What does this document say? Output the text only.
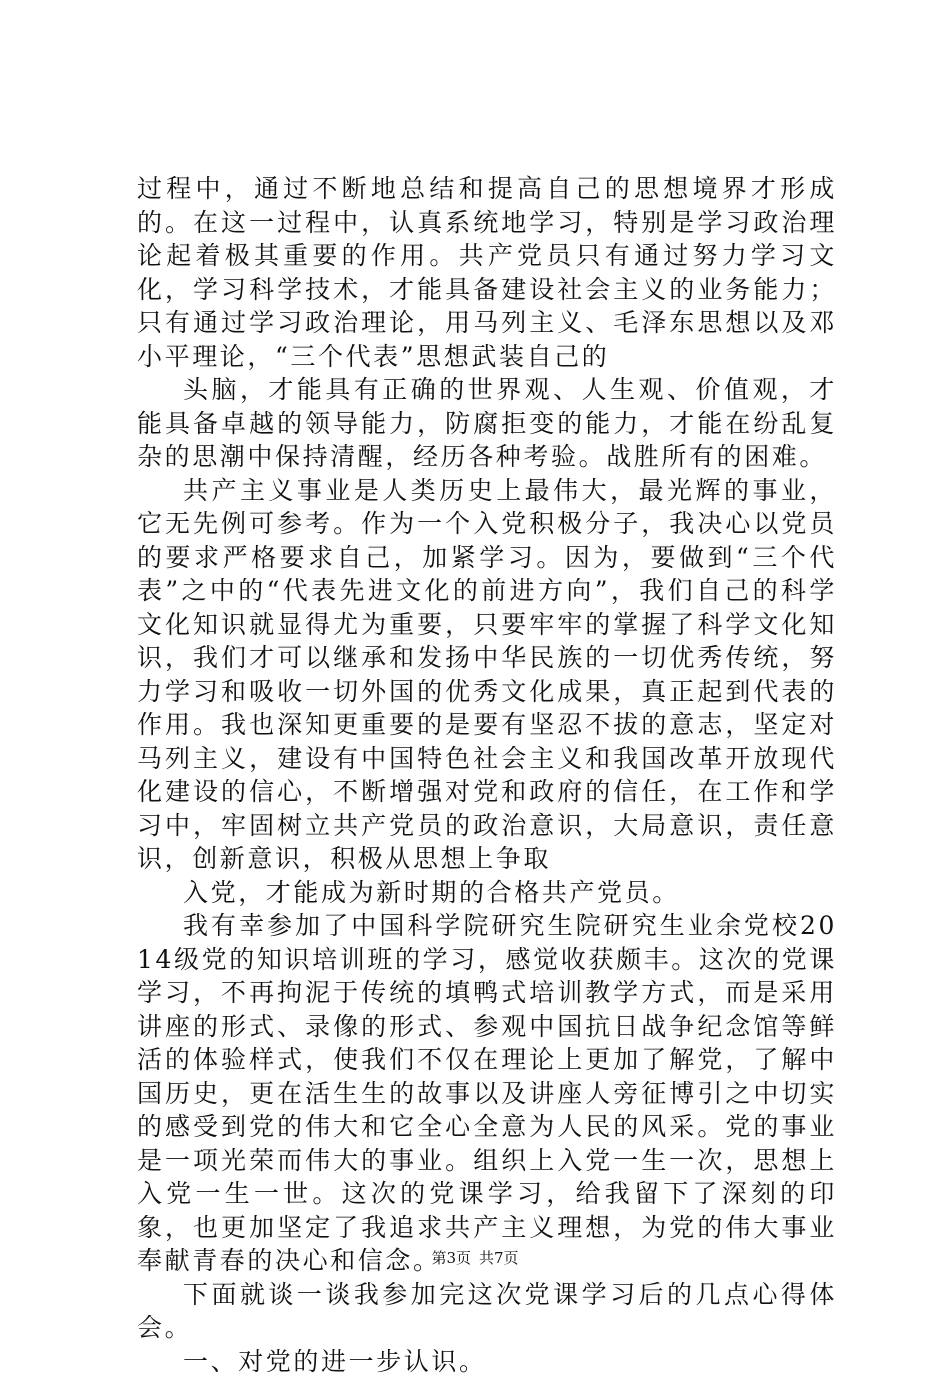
过程中，通过不断地总结和提高自己的思想境界才形成的。在这一过程中，认真系统地学习，特别是学习政治理论起着极其重要的作用。共产党员只有通过努力学习文化，学习科学技术，才能具备建设社会主义的业务能力；只有通过学习政治理论，用马列主义、毛泽东思想以及邓小平理论，“三个代表”思想武装自己的

头脑，才能具有正确的世界观、人生观、价值观，才能具备卓越的领导能力，防腐拒变的能力，才能在纷乱复杂的思潮中保持清醒，经历各种考验。战胜所有的困难。

共产主义事业是人类历史上最伟大，最光辉的事业，它无先例可参考。作为一个入党积极分子，我决心以党员的要求严格要求自己，加紧学习。因为，要做到“三个代表”之中的“代表先进文化的前进方向”，我们自己的科学文化知识就显得尤为重要，只要牢牢的掌握了科学文化知识，我们才可以继承和发扬中华民族的一切优秀传统，努力学习和吸收一切外国的优秀文化成果，真正起到代表的作用。我也深知更重要的是要有坚忍不拔的意志，坚定对马列主义，建设有中国特色社会主义和我国改革开放现代化建设的信心，不断增强对党和政府的信任，在工作和学习中，牢固树立共产党员的政治意识，大局意识，责任意识，创新意识，积极从思想上争取

入党，才能成为新时期的合格共产党员。

我有幸参加了中国科学院研究生院研究生业余党校2014级党的知识培训班的学习，感觉收获颇丰。这次的党课学习，不再拘泥于传统的填鸭式培训教学方式，而是采用讲座的形式、录像的形式、参观中国抗日战争纪念馆等鲜活的体验样式，使我们不仅在理论上更加了解党，了解中国历史，更在活生生的故事以及讲座人旁征博引之中切实的感受到党的伟大和它全心全意为人民的风采。党的事业是一项光荣而伟大的事业。组织上入党一生一次，思想上入党一生一世。这次的党课学习，给我留下了深刻的印象，也更加坚定了我追求共产主义理想，为党的伟大事业奉献青春的决心和信念。

下面就谈一谈我参加完这次党课学习后的几点心得体会。

一、对党的进一步认识。

第3页 共7页
